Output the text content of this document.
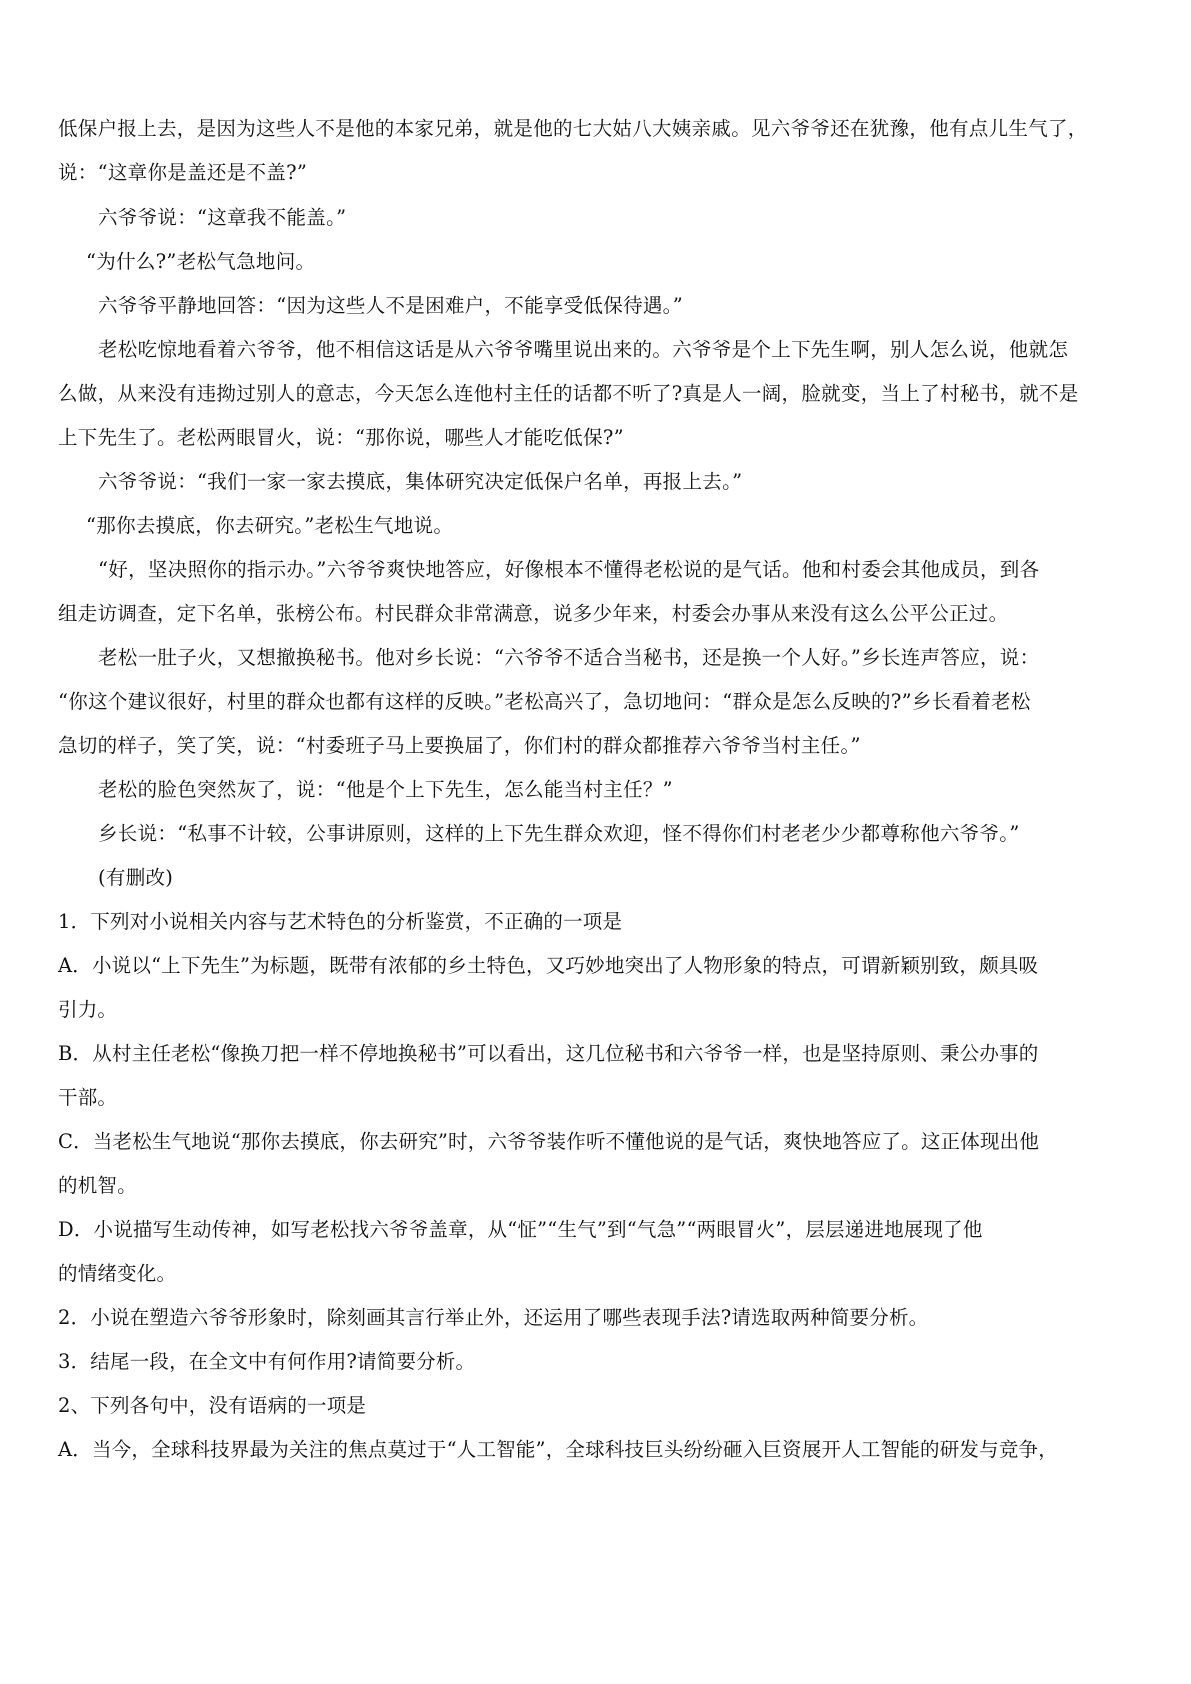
低保户报上去，是因为这些人不是他的本家兄弟，就是他的七大姑八大姨亲戚。见六爷爷还在犹豫，他有点儿生气了，
说：“这章你是盖还是不盖?”
六爷爷说：“这章我不能盖。”
“为什么?”老松气急地问。
六爷爷平静地回答：“因为这些人不是困难户，不能享受低保待遇。”
老松吃惊地看着六爷爷，他不相信这话是从六爷爷嘴里说出来的。六爷爷是个上下先生啊，别人怎么说，他就怎
么做，从来没有违拗过别人的意志，今天怎么连他村主任的话都不听了?真是人一阔，脸就变，当上了村秘书，就不是
上下先生了。老松两眼冒火，说：“那你说，哪些人才能吃低保?”
六爷爷说：“我们一家一家去摸底，集体研究决定低保户名单，再报上去。”
“那你去摸底，你去研究。”老松生气地说。
“好，坚决照你的指示办。”六爷爷爽快地答应，好像根本不懂得老松说的是气话。他和村委会其他成员，到各
组走访调查，定下名单，张榜公布。村民群众非常满意，说多少年来，村委会办事从来没有这么公平公正过。
老松一肚子火，又想撤换秘书。他对乡长说：“六爷爷不适合当秘书，还是换一个人好。”乡长连声答应，说：
“你这个建议很好，村里的群众也都有这样的反映。”老松高兴了，急切地问：“群众是怎么反映的?”乡长看着老松
急切的样子，笑了笑，说：“村委班子马上要换届了，你们村的群众都推荐六爷爷当村主任。”
老松的脸色突然灰了，说：“他是个上下先生，怎么能当村主任？”
乡长说：“私事不计较，公事讲原则，这样的上下先生群众欢迎，怪不得你们村老老少少都尊称他六爷爷。”
(有删改)
1．下列对小说相关内容与艺术特色的分析鉴赏，不正确的一项是
A．小说以“上下先生”为标题，既带有浓郁的乡土特色，又巧妙地突出了人物形象的特点，可谓新颖别致，颇具吸
引力。
B．从村主任老松“像换刀把一样不停地换秘书”可以看出，这几位秘书和六爷爷一样，也是坚持原则、秉公办事的
干部。
C．当老松生气地说“那你去摸底，你去研究”时，六爷爷装作听不懂他说的是气话，爽快地答应了。这正体现出他
的机智。
D．小说描写生动传神，如写老松找六爷爷盖章，从“怔”“生气”到“气急”“两眼冒火”，层层递进地展现了他
的情绪变化。
2．小说在塑造六爷爷形象时，除刻画其言行举止外，还运用了哪些表现手法?请选取两种简要分析。
3．结尾一段，在全文中有何作用?请简要分析。
2、下列各句中，没有语病的一项是
A．当今，全球科技界最为关注的焦点莫过于“人工智能”，全球科技巨头纷纷砸入巨资展开人工智能的研发与竞争，
